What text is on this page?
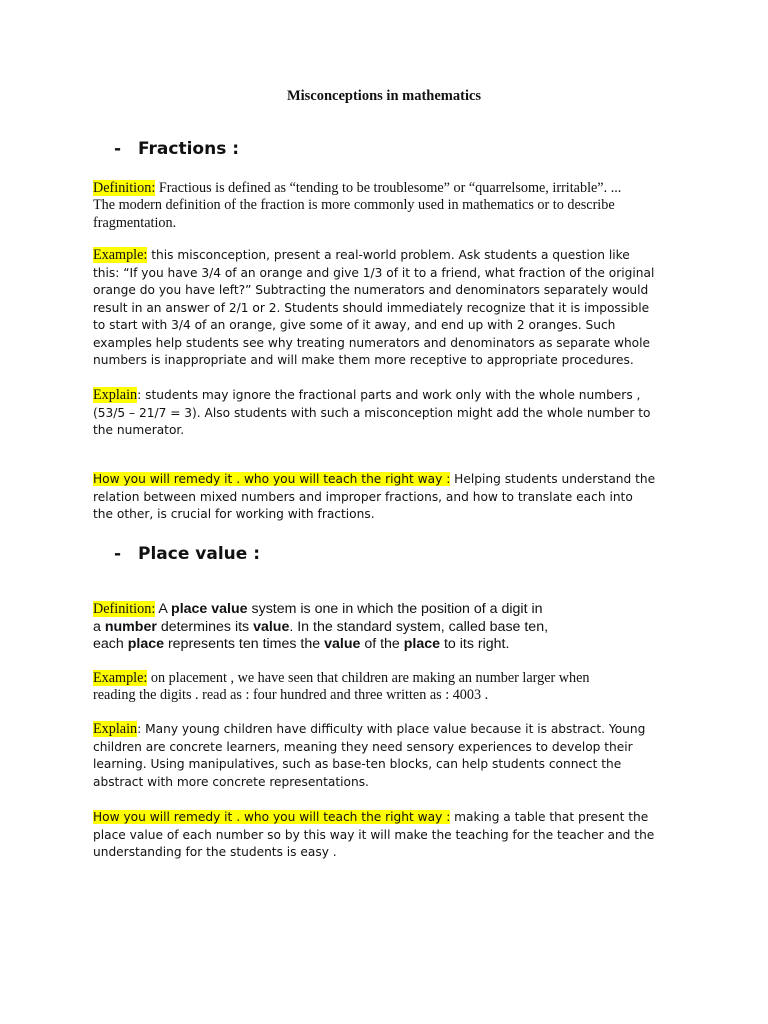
Misconceptions in mathematics
- Fractions :
Definition: Fractious is defined as “tending to be troublesome” or “quarrelsome, irritable”. ...
The modern definition of the fraction is more commonly used in mathematics or to describe
fragmentation.
Example: this misconception, present a real-world problem. Ask students a question like
this: “If you have 3/4 of an orange and give 1/3 of it to a friend, what fraction of the original
orange do you have left?” Subtracting the numerators and denominators separately would
result in an answer of 2/1 or 2. Students should immediately recognize that it is impossible
to start with 3/4 of an orange, give some of it away, and end up with 2 oranges. Such
examples help students see why treating numerators and denominators as separate whole
numbers is inappropriate and will make them more receptive to appropriate procedures.
Explain: students may ignore the fractional parts and work only with the whole numbers ,
(53/5 – 21/7 = 3). Also students with such a misconception might add the whole number to
the numerator.
How you will remedy it . who you will teach the right way : Helping students understand the
relation between mixed numbers and improper fractions, and how to translate each into
the other, is crucial for working with fractions.
- Place value :
Definition: A place value system is one in which the position of a digit in
a number determines its value. In the standard system, called base ten,
each place represents ten times the value of the place to its right.
Example: on placement , we have seen that children are making an number larger when
reading the digits . read as : four hundred and three written as : 4003 .
Explain: Many young children have difficulty with place value because it is abstract. Young
children are concrete learners, meaning they need sensory experiences to develop their
learning. Using manipulatives, such as base-ten blocks, can help students connect the
abstract with more concrete representations.
How you will remedy it . who you will teach the right way : making a table that present the
place value of each number so by this way it will make the teaching for the teacher and the
understanding for the students is easy .
